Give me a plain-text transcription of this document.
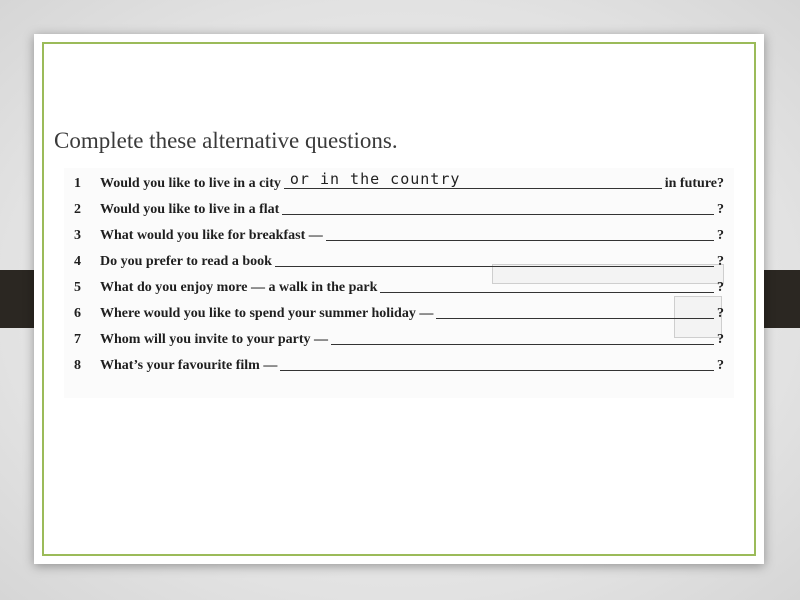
Complete these alternative questions.
1	Would you like to live in a city or in the country	in future?
2	Would you like to live in a flat	?
3	What would you like for breakfast —	?
4	Do you prefer to read a book	?
5	What do you enjoy more — a walk in the park	?
6	Where would you like to spend your summer holiday —	?
7	Whom will you invite to your party —	?
8	What’s your favourite film —	?
